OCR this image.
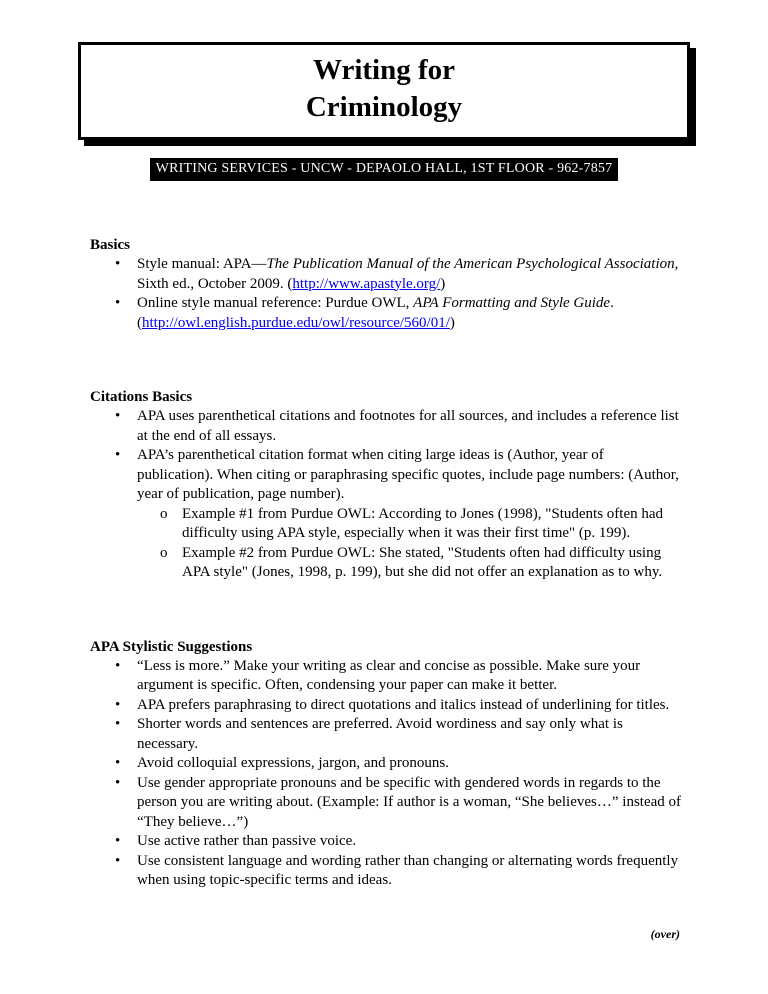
Writing for
Criminology
WRITING SERVICES - UNCW - DEPAOLO HALL, 1ST FLOOR - 962-7857
Basics
•	Style manual: APA—The Publication Manual of the American Psychological Association, Sixth ed., October 2009. (http://www.apastyle.org/)
•	Online style manual reference: Purdue OWL, APA Formatting and Style Guide. (http://owl.english.purdue.edu/owl/resource/560/01/)
Citations Basics
•	APA uses parenthetical citations and footnotes for all sources, and includes a reference list at the end of all essays.
•	APA’s parenthetical citation format when citing large ideas is (Author, year of publication). When citing or paraphrasing specific quotes, include page numbers: (Author, year of publication, page number).
o Example #1 from Purdue OWL: According to Jones (1998), "Students often had difficulty using APA style, especially when it was their first time" (p. 199).
o Example #2 from Purdue OWL: She stated, "Students often had difficulty using APA style" (Jones, 1998, p. 199), but she did not offer an explanation as to why.
APA Stylistic Suggestions
•	“Less is more.” Make your writing as clear and concise as possible. Make sure your argument is specific. Often, condensing your paper can make it better.
•	APA prefers paraphrasing to direct quotations and italics instead of underlining for titles.
•	Shorter words and sentences are preferred. Avoid wordiness and say only what is necessary.
•	Avoid colloquial expressions, jargon, and pronouns.
•	Use gender appropriate pronouns and be specific with gendered words in regards to the person you are writing about. (Example: If author is a woman, “She believes…” instead of “They believe…”)
•	Use active rather than passive voice.
•	Use consistent language and wording rather than changing or alternating words frequently when using topic-specific terms and ideas.
(over)
